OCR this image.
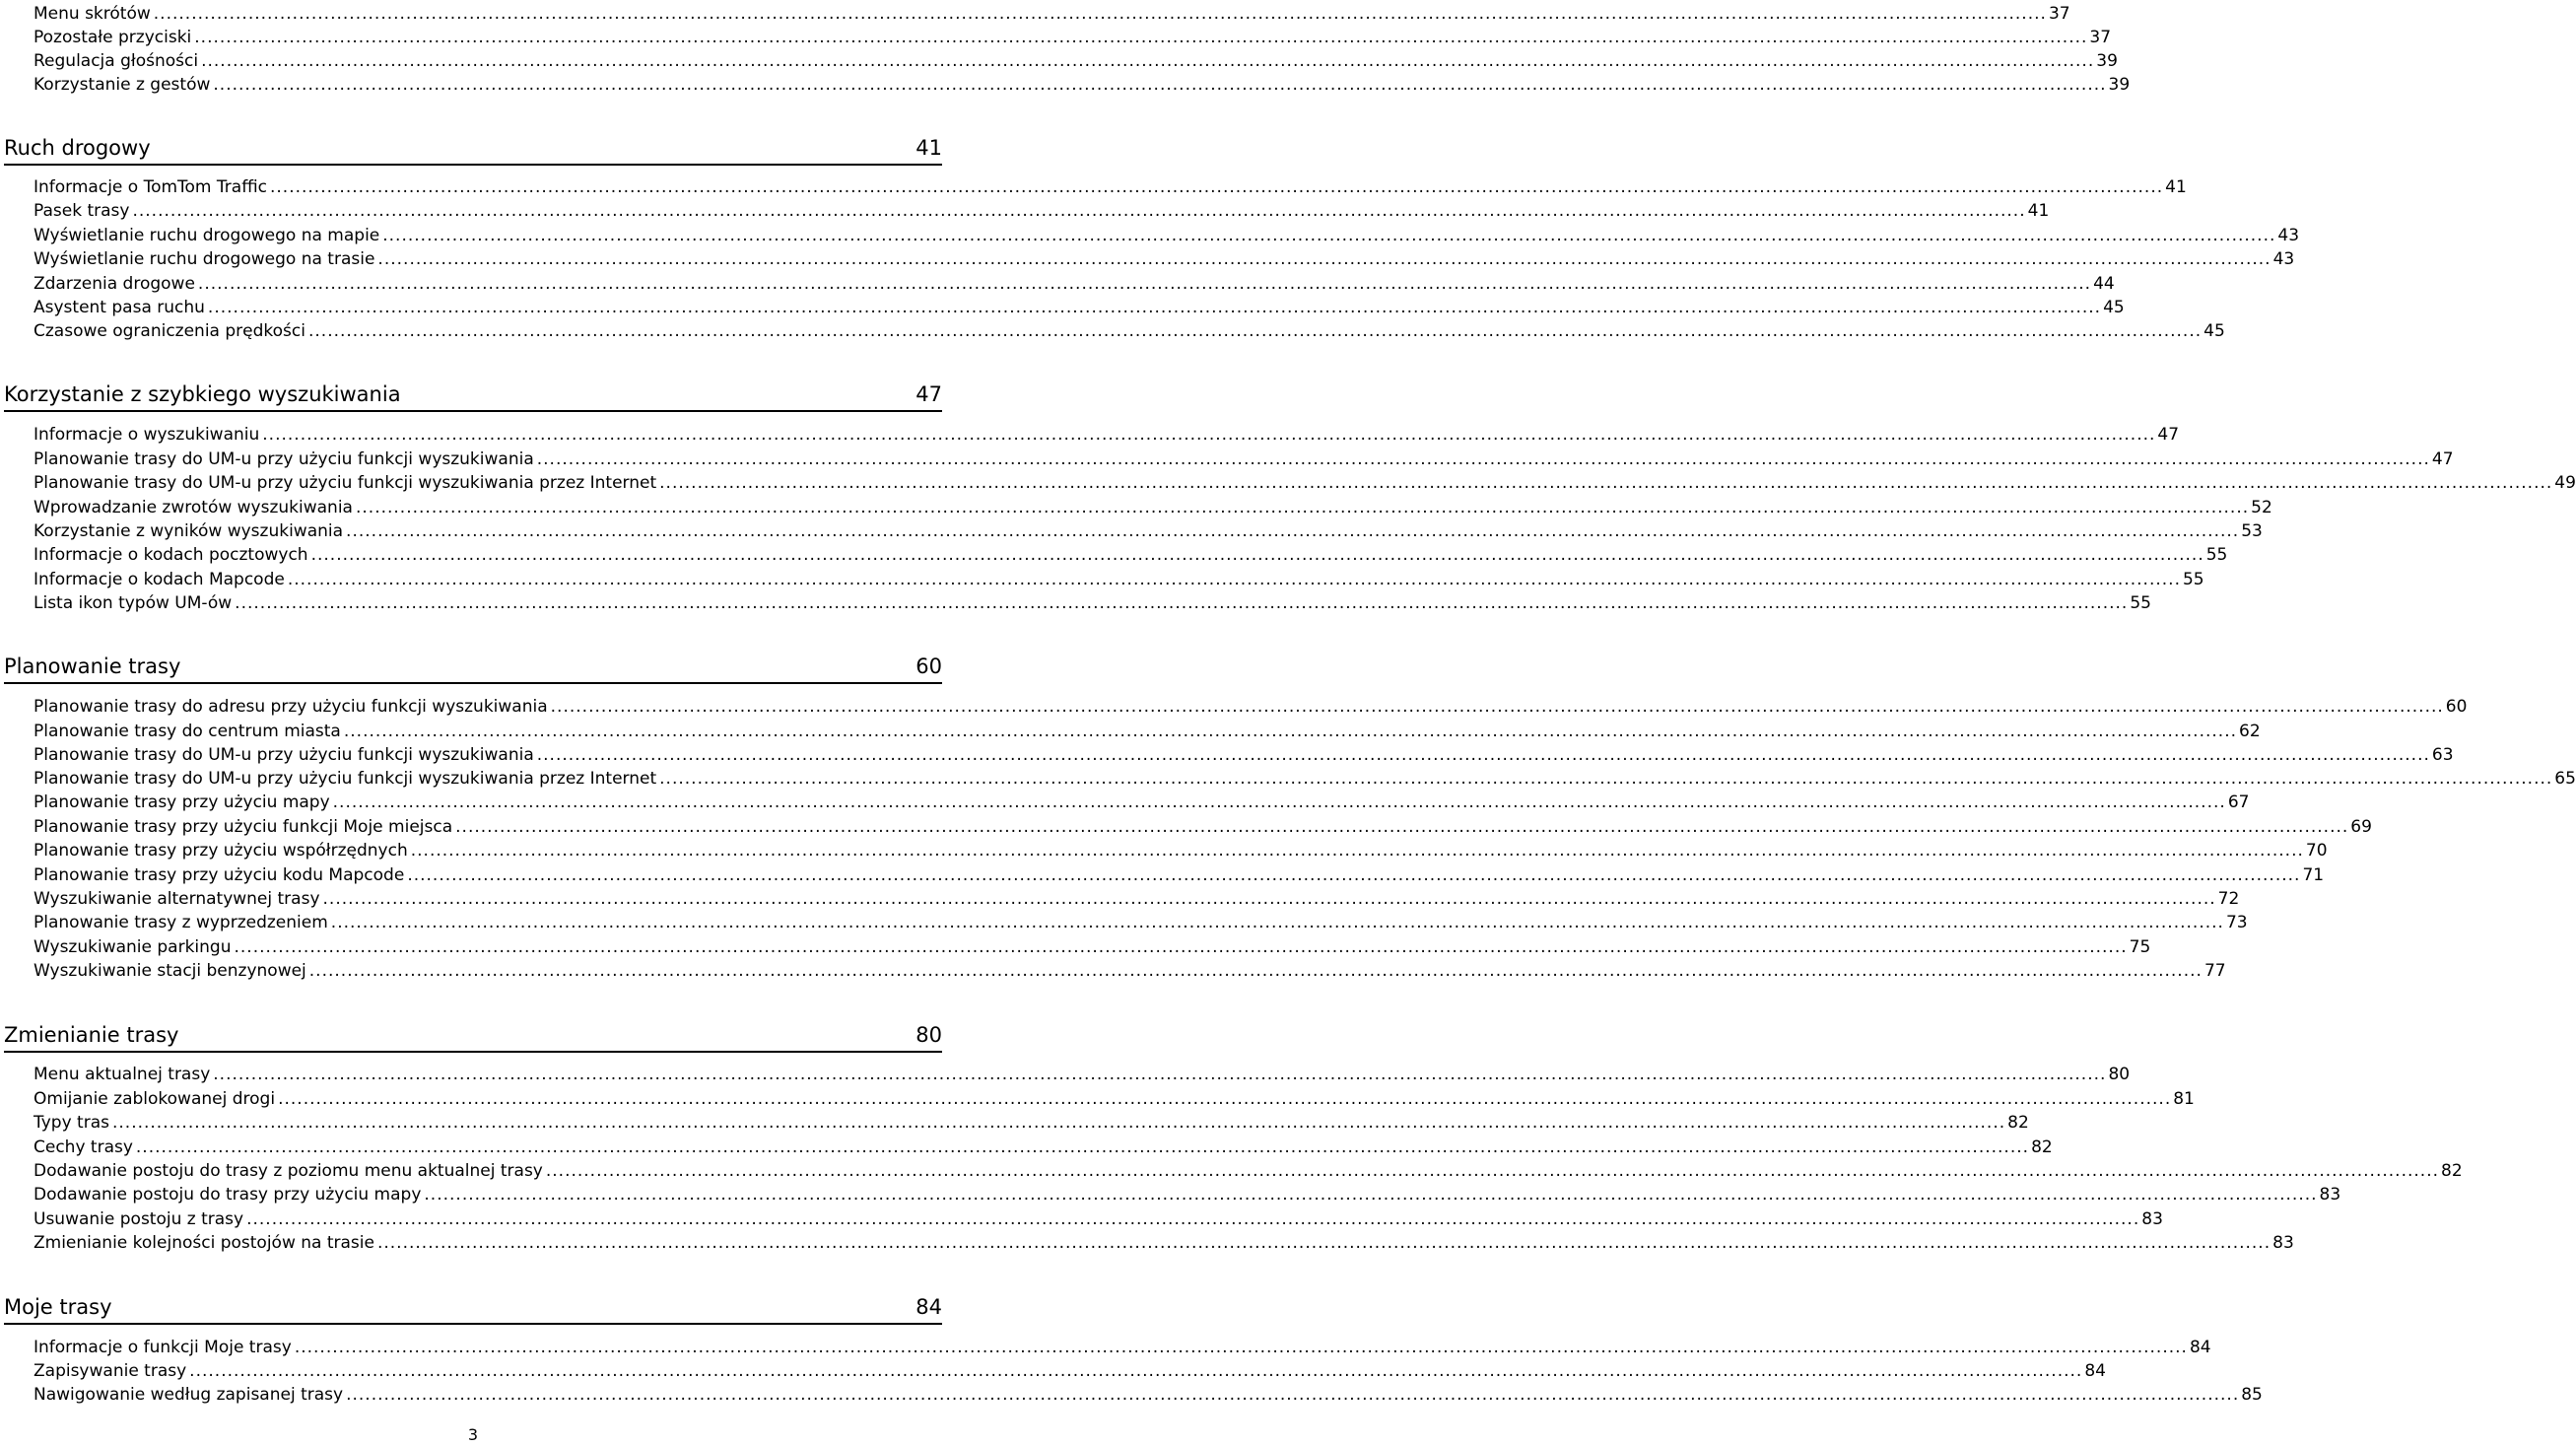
Menu skrótów ............................................................................................................................................................................................................................................................................................................ 37
Pozostałe przyciski ............................................................................................................................................................................................................................................................................................................ 37
Regulacja głośności ............................................................................................................................................................................................................................................................................................................ 39
Korzystanie z gestów ............................................................................................................................................................................................................................................................................................................ 39
Ruch drogowy	41
Informacje o TomTom Traffic ............................................................................................................................................................................................................................................................................................................ 41
Pasek trasy ............................................................................................................................................................................................................................................................................................................ 41
Wyświetlanie ruchu drogowego na mapie ............................................................................................................................................................................................................................................................................................................ 43
Wyświetlanie ruchu drogowego na trasie ............................................................................................................................................................................................................................................................................................................ 43
Zdarzenia drogowe ............................................................................................................................................................................................................................................................................................................ 44
Asystent pasa ruchu ............................................................................................................................................................................................................................................................................................................ 45
Czasowe ograniczenia prędkości ............................................................................................................................................................................................................................................................................................................ 45
Korzystanie z szybkiego wyszukiwania	47
Informacje o wyszukiwaniu ............................................................................................................................................................................................................................................................................................................ 47
Planowanie trasy do UM-u przy użyciu funkcji wyszukiwania ............................................................................................................................................................................................................................................................................................................ 47
Planowanie trasy do UM-u przy użyciu funkcji wyszukiwania przez Internet ............................................................................................................................................................................................................................................................................................................ 49
Wprowadzanie zwrotów wyszukiwania ............................................................................................................................................................................................................................................................................................................ 52
Korzystanie z wyników wyszukiwania ............................................................................................................................................................................................................................................................................................................ 53
Informacje o kodach pocztowych ............................................................................................................................................................................................................................................................................................................ 55
Informacje o kodach Mapcode ............................................................................................................................................................................................................................................................................................................ 55
Lista ikon typów UM-ów ............................................................................................................................................................................................................................................................................................................ 55
Planowanie trasy	60
Planowanie trasy do adresu przy użyciu funkcji wyszukiwania ............................................................................................................................................................................................................................................................................................................ 60
Planowanie trasy do centrum miasta ............................................................................................................................................................................................................................................................................................................ 62
Planowanie trasy do UM-u przy użyciu funkcji wyszukiwania ............................................................................................................................................................................................................................................................................................................ 63
Planowanie trasy do UM-u przy użyciu funkcji wyszukiwania przez Internet ............................................................................................................................................................................................................................................................................................................ 65
Planowanie trasy przy użyciu mapy ............................................................................................................................................................................................................................................................................................................ 67
Planowanie trasy przy użyciu funkcji Moje miejsca ............................................................................................................................................................................................................................................................................................................ 69
Planowanie trasy przy użyciu współrzędnych ............................................................................................................................................................................................................................................................................................................ 70
Planowanie trasy przy użyciu kodu Mapcode ............................................................................................................................................................................................................................................................................................................ 71
Wyszukiwanie alternatywnej trasy ............................................................................................................................................................................................................................................................................................................ 72
Planowanie trasy z wyprzedzeniem ............................................................................................................................................................................................................................................................................................................ 73
Wyszukiwanie parkingu ............................................................................................................................................................................................................................................................................................................ 75
Wyszukiwanie stacji benzynowej ............................................................................................................................................................................................................................................................................................................ 77
Zmienianie trasy	80
Menu aktualnej trasy ............................................................................................................................................................................................................................................................................................................ 80
Omijanie zablokowanej drogi ............................................................................................................................................................................................................................................................................................................ 81
Typy tras ............................................................................................................................................................................................................................................................................................................ 82
Cechy trasy ............................................................................................................................................................................................................................................................................................................ 82
Dodawanie postoju do trasy z poziomu menu aktualnej trasy ............................................................................................................................................................................................................................................................................................................ 82
Dodawanie postoju do trasy przy użyciu mapy ............................................................................................................................................................................................................................................................................................................ 83
Usuwanie postoju z trasy ............................................................................................................................................................................................................................................................................................................ 83
Zmienianie kolejności postojów na trasie ............................................................................................................................................................................................................................................................................................................ 83
Moje trasy	84
Informacje o funkcji Moje trasy ............................................................................................................................................................................................................................................................................................................ 84
Zapisywanie trasy ............................................................................................................................................................................................................................................................................................................ 84
Nawigowanie według zapisanej trasy ............................................................................................................................................................................................................................................................................................................ 85
3
